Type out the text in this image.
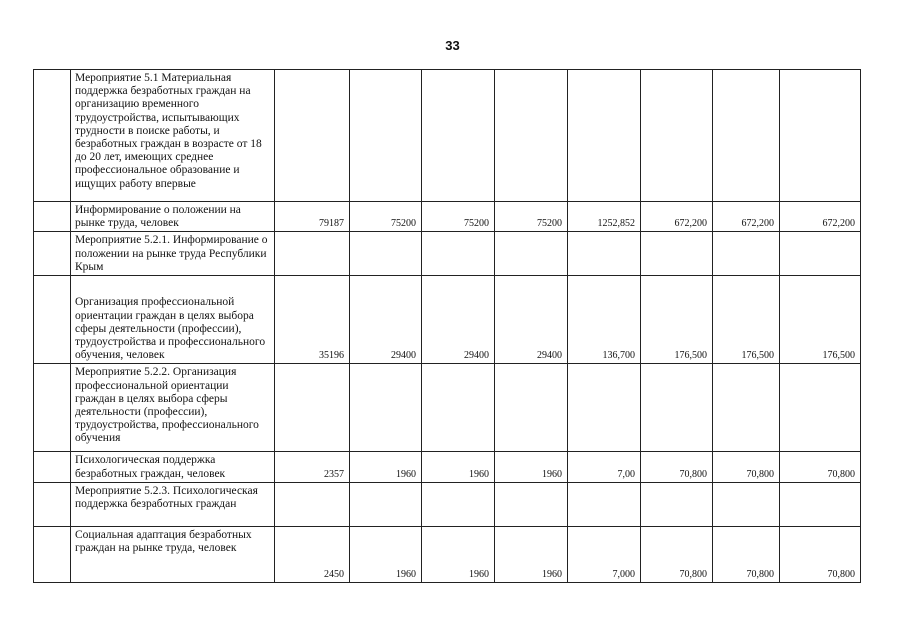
33
	Мероприятие 5.1 Материальная поддержка безработных граждан на организацию временного трудоустройства, испытывающих трудности в поиске работы, и безработных граждан в возрасте от 18 до 20 лет, имеющих среднее профессиональное образование и ищущих работу впервые								
	Информирование о положении на рынке труда, человек	79187	75200	75200	75200	1252,852	672,200	672,200	672,200
	Мероприятие 5.2.1. Информирование о положении на рынке труда Республики Крым								
	Организация профессиональной ориентации граждан в целях выбора сферы деятельности (профессии), трудоустройства и профессионального обучения, человек	35196	29400	29400	29400	136,700	176,500	176,500	176,500
	Мероприятие 5.2.2. Организация профессиональной ориентации граждан в целях выбора сферы деятельности (профессии), трудоустройства, профессионального обучения								
	Психологическая поддержка безработных граждан, человек	2357	1960	1960	1960	7,00	70,800	70,800	70,800
	Мероприятие 5.2.3. Психологическая поддержка безработных граждан								
	Социальная адаптация безработных граждан на рынке труда, человек	2450	1960	1960	1960	7,000	70,800	70,800	70,800
